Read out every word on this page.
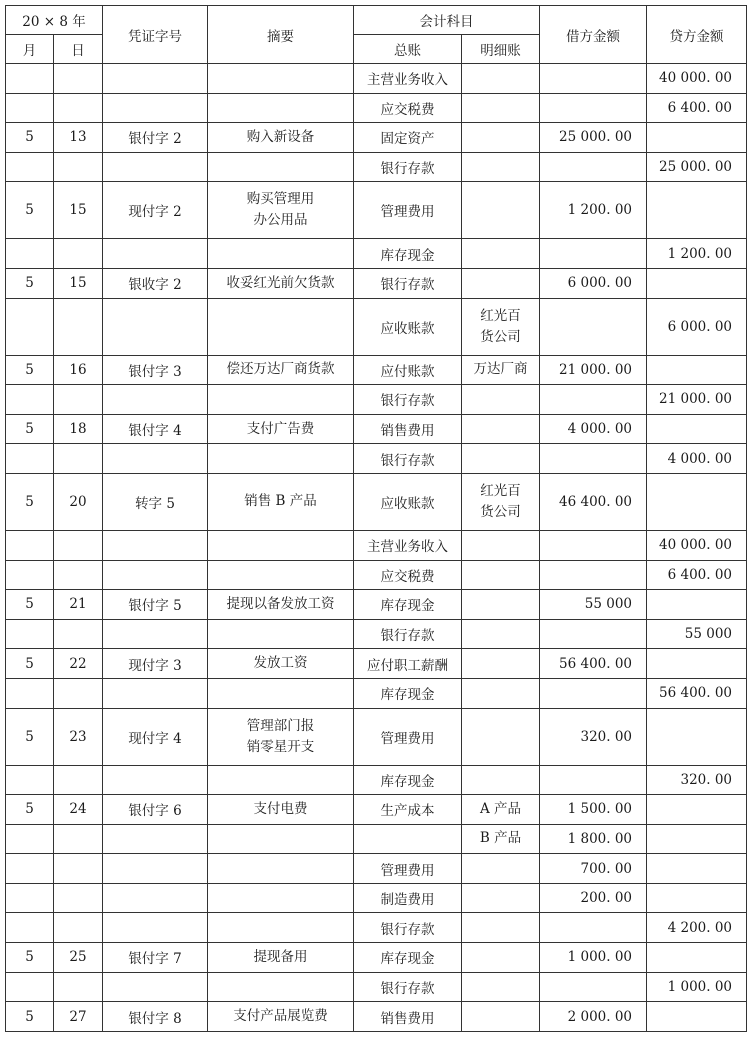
20 × 8 年		凭证字号	摘要	会计科目		借方金额	贷方金额
月	日			总账	明细账		
				主营业务收入			40 000. 00
				应交税费			6 400. 00
5	13	银付字 2	购入新设备	固定资产		25 000. 00	
				银行存款			25 000. 00
5	15	现付字 2	购买管理用
办公用品	管理费用		1 200. 00	
				库存现金			1 200. 00
5	15	银收字 2	收妥红光前欠货款	银行存款		6 000. 00	
				应收账款	红光百
货公司		6 000. 00
5	16	银付字 3	偿还万达厂商货款	应付账款	万达厂商	21 000. 00	
				银行存款			21 000. 00
5	18	银付字 4	支付广告费	销售费用		4 000. 00	
				银行存款			4 000. 00
5	20	转字 5	销售 B 产品	应收账款	红光百
货公司	46 400. 00	
				主营业务收入			40 000. 00
				应交税费			6 400. 00
5	21	银付字 5	提现以备发放工资	库存现金		55 000	
				银行存款			55 000
5	22	现付字 3	发放工资	应付职工薪酬		56 400. 00	
				库存现金			56 400. 00
5	23	现付字 4	管理部门报
销零星开支	管理费用		320. 00	
				库存现金			320. 00
5	24	银付字 6	支付电费	生产成本	A 产品	1 500. 00	
					B 产品	1 800. 00	
				管理费用		700. 00	
				制造费用		200. 00	
				银行存款			4 200. 00
5	25	银付字 7	提现备用	库存现金		1 000. 00	
				银行存款			1 000. 00
5	27	银付字 8	支付产品展览费	销售费用		2 000. 00	
